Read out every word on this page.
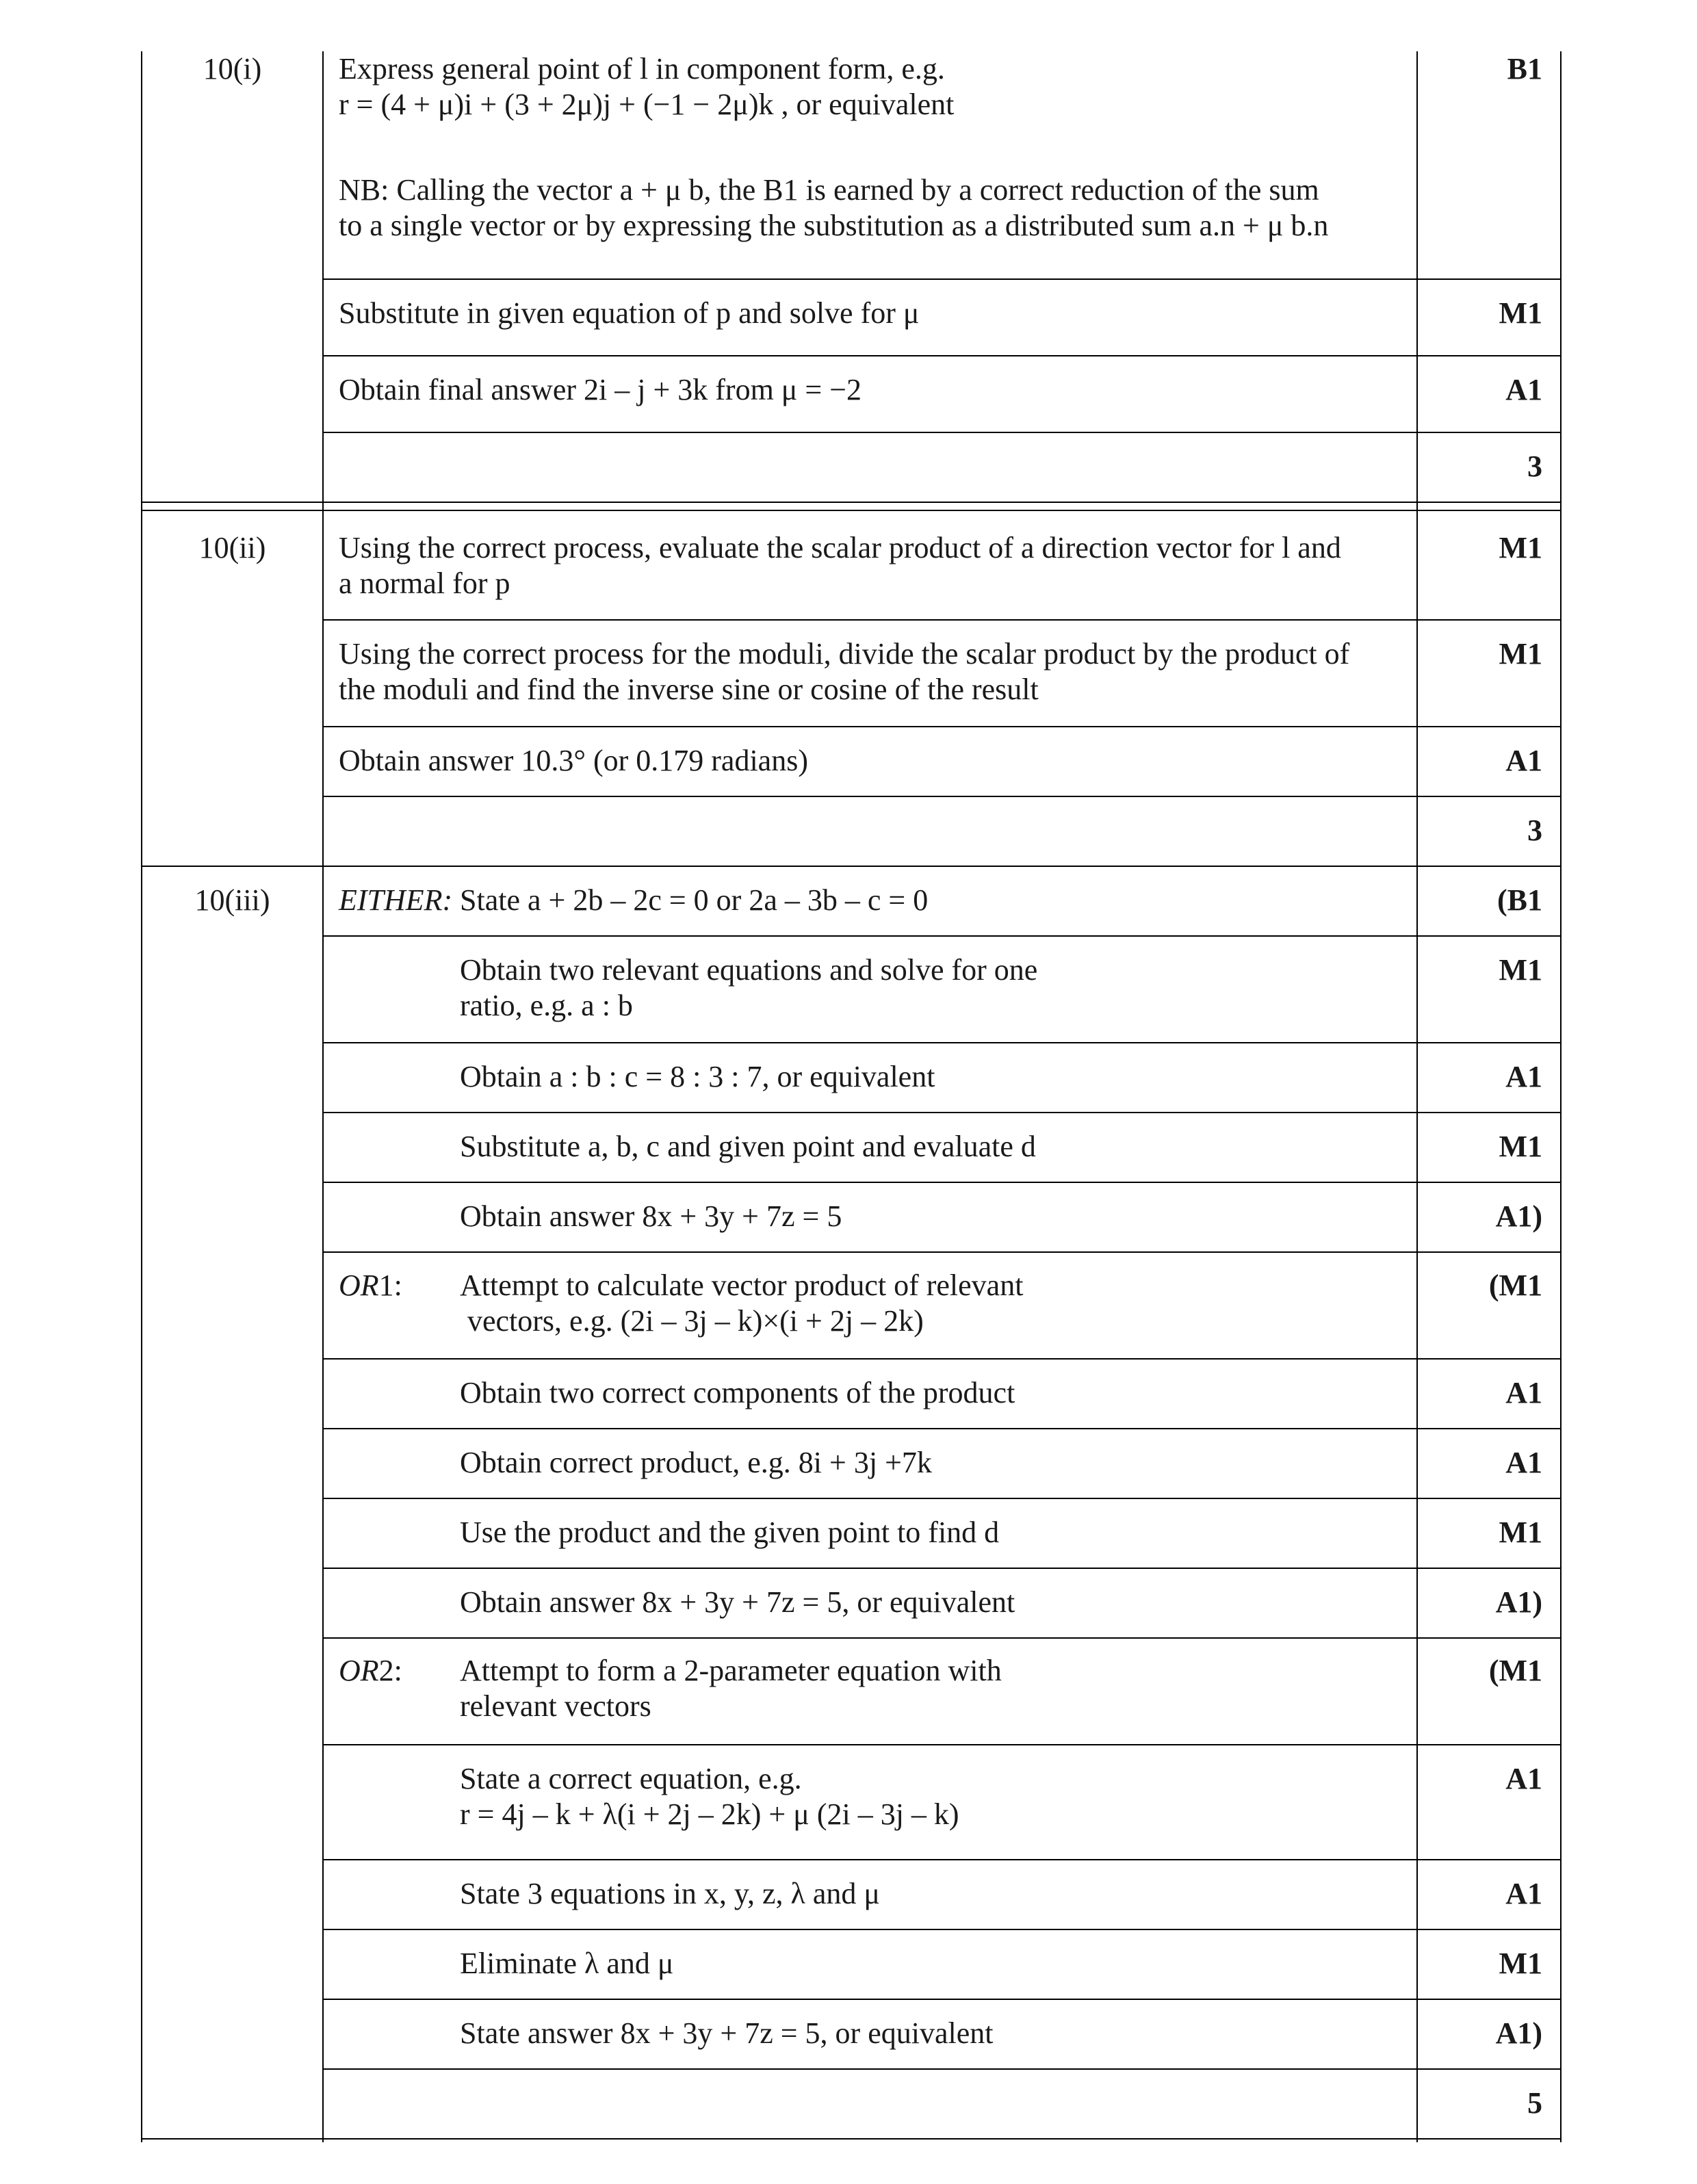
10(i)
10(ii)
10(iii)	EITHER:
OR1:
OR2:
Express general point of l in component form, e.g.
r = (4 + μ)i + (3 + 2μ)j + (−1 − 2μ)k , or equivalent
NB: Calling the vector a + μ b, the B1 is earned by a correct reduction of the sum
to a single vector or by expressing the substitution as a distributed sum a.n + μ b.n
Substitute in given equation of p and solve for μ
Obtain final answer 2i – j + 3k from μ = −2
Using the correct process, evaluate the scalar product of a direction vector for l and
a normal for p
Using the correct process for the moduli, divide the scalar product by the product of
the moduli and find the inverse sine or cosine of the result
Obtain answer 10.3° (or 0.179 radians)
State a + 2b – 2c = 0 or 2a – 3b – c = 0
Obtain two relevant equations and solve for one
ratio, e.g. a : b
Obtain a : b : c = 8 : 3 : 7, or equivalent
Substitute a, b, c and given point and evaluate d
Obtain answer 8x + 3y + 7z = 5
Attempt to calculate vector product of relevant
vectors, e.g. (2i – 3j – k)×(i + 2j – 2k)
Obtain two correct components of the product
Obtain correct product, e.g. 8i + 3j +7k
Use the product and the given point to find d
Obtain answer 8x + 3y + 7z = 5, or equivalent
Attempt to form a 2-parameter equation with
relevant vectors
State a correct equation, e.g.
r = 4j – k + λ(i + 2j – 2k) + μ (2i – 3j – k)
State 3 equations in x, y, z, λ and μ
Eliminate λ and μ
State answer 8x + 3y + 7z = 5, or equivalent
B1
M1
A1
3
M1
M1
A1
3
(B1
M1
A1
M1
A1)
(M1
A1
A1
M1
A1)
(M1
A1
A1
M1
A1)
5
